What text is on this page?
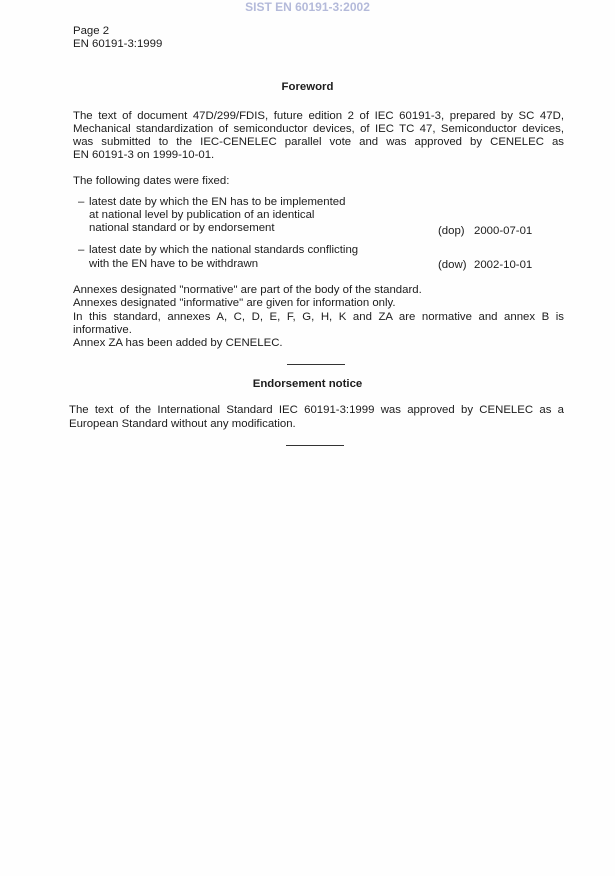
SIST EN 60191-3:2002
Page 2
EN 60191-3:1999
Foreword
The text of document 47D/299/FDIS, future edition 2 of IEC 60191-3, prepared by SC 47D,
Mechanical standardization of semiconductor devices, of IEC TC 47, Semiconductor devices,
was submitted to the IEC-CENELEC parallel vote and was approved by CENELEC as
EN 60191-3 on 1999-10-01.
The following dates were fixed:
– latest date by which the EN has to be implemented
at national level by publication of an identical
national standard or by endorsement	(dop) 2000-07-01
– latest date by which the national standards conflicting
with the EN have to be withdrawn	(dow) 2002-10-01
Annexes designated "normative" are part of the body of the standard.
Annexes designated "informative" are given for information only.
In this standard, annexes A, C, D, E, F, G, H, K and ZA are normative and annex B is
informative.
Annex ZA has been added by CENELEC.
Endorsement notice
The text of the International Standard IEC 60191-3:1999 was approved by CENELEC as a
European Standard without any modification.
